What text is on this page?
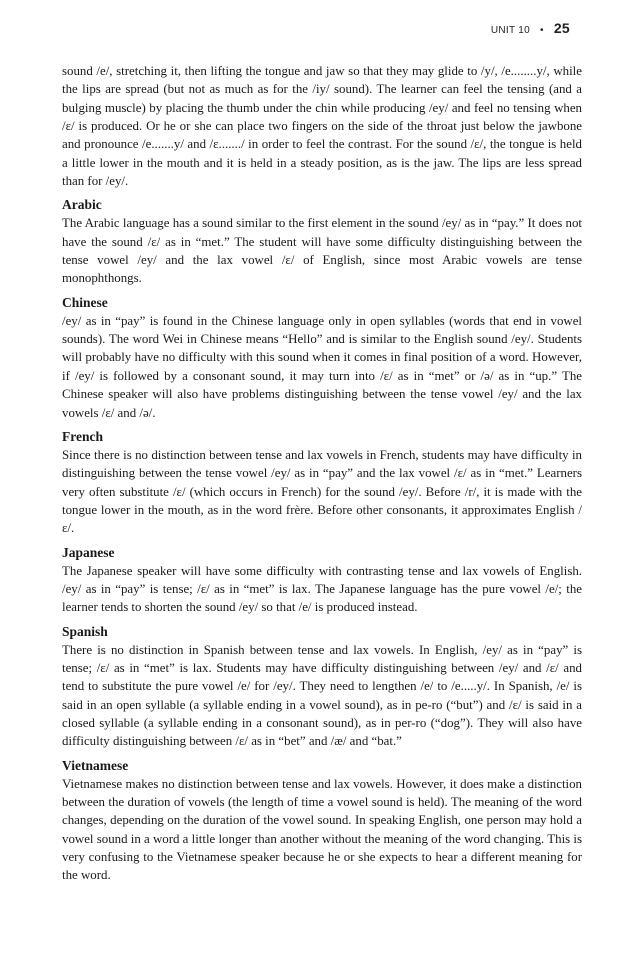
UNIT 10 • 25

sound /e/, stretching it, then lifting the tongue and jaw so that they may glide to /y/, /e........y/, while the lips are spread (but not as much as for the /iy/ sound). The learner can feel the tensing (and a bulging muscle) by placing the thumb under the chin while producing /ey/ and feel no tensing when /ɛ/ is produced. Or he or she can place two fingers on the side of the throat just below the jawbone and pronounce /e.......y/ and /ɛ......./ in order to feel the contrast. For the sound /ɛ/, the tongue is held a little lower in the mouth and it is held in a steady position, as is the jaw. The lips are less spread than for /ey/.

Arabic

The Arabic language has a sound similar to the first element in the sound /ey/ as in “pay.” It does not have the sound /ɛ/ as in “met.” The student will have some difficulty distinguishing between the tense vowel /ey/ and the lax vowel /ɛ/ of English, since most Arabic vowels are tense monophthongs.

Chinese

/ey/ as in “pay” is found in the Chinese language only in open syllables (words that end in vowel sounds). The word Wei in Chinese means “Hello” and is similar to the English sound /ey/. Students will probably have no difficulty with this sound when it comes in final position of a word. However, if /ey/ is followed by a consonant sound, it may turn into /ɛ/ as in “met” or /ə/ as in “up.” The Chinese speaker will also have problems distinguishing between the tense vowel /ey/ and the lax vowels /ɛ/ and /ə/.

French

Since there is no distinction between tense and lax vowels in French, students may have difficulty in distinguishing between the tense vowel /ey/ as in “pay” and the lax vowel /ɛ/ as in “met.” Learners very often substitute /ɛ/ (which occurs in French) for the sound /ey/. Before /r/, it is made with the tongue lower in the mouth, as in the word frère. Before other consonants, it approximates English /ɛ/.

Japanese

The Japanese speaker will have some difficulty with contrasting tense and lax vowels of English. /ey/ as in “pay” is tense; /ɛ/ as in “met” is lax. The Japanese language has the pure vowel /e/; the learner tends to shorten the sound /ey/ so that /e/ is produced instead.

Spanish

There is no distinction in Spanish between tense and lax vowels. In English, /ey/ as in “pay” is tense; /ɛ/ as in “met” is lax. Students may have difficulty distinguishing between /ey/ and /ɛ/ and tend to substitute the pure vowel /e/ for /ey/. They need to lengthen /e/ to /e.....y/. In Spanish, /e/ is said in an open syllable (a syllable ending in a vowel sound), as in pe-ro (“but”) and /ɛ/ is said in a closed syllable (a syllable ending in a consonant sound), as in per-ro (“dog”). They will also have difficulty distinguishing between /ɛ/ as in “bet” and /æ/ and “bat.”

Vietnamese

Vietnamese makes no distinction between tense and lax vowels. However, it does make a distinction between the duration of vowels (the length of time a vowel sound is held). The meaning of the word changes, depending on the duration of the vowel sound. In speaking English, one person may hold a vowel sound in a word a little longer than another without the meaning of the word changing. This is very confusing to the Vietnamese speaker because he or she expects to hear a different meaning for the word.
